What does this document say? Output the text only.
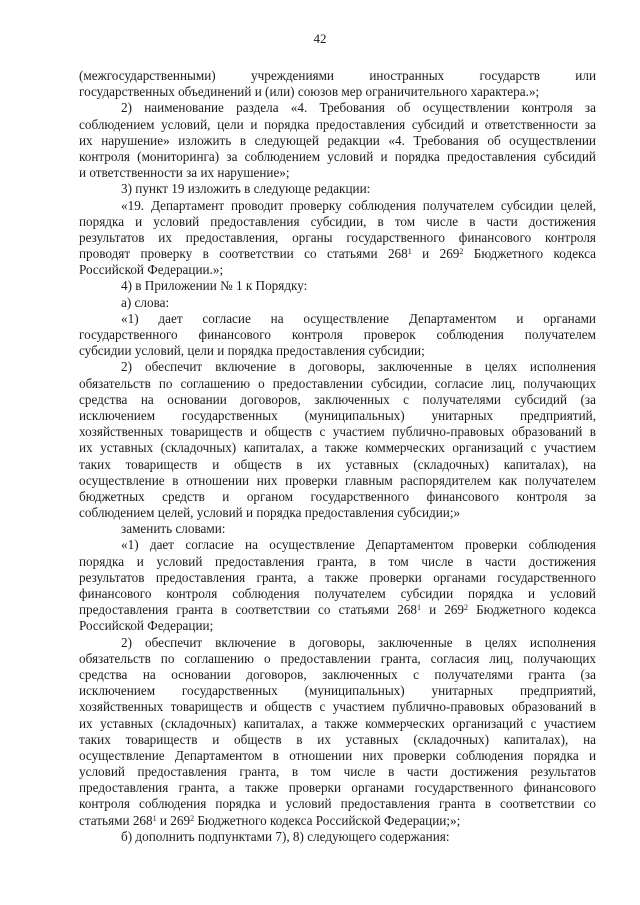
42
(межгосударственными) учреждениями иностранных государств или
государственных объединений и (или) союзов мер ограничительного характера.»;
2) наименование раздела «4. Требования об осуществлении контроля за
соблюдением условий, цели и порядка предоставления субсидий и ответственности за
их нарушение» изложить в следующей редакции «4. Требования об осуществлении
контроля (мониторинга) за соблюдением условий и порядка предоставления субсидий
и ответственности за их нарушение»;
3) пункт 19 изложить в следующе редакции:
«19. Департамент проводит проверку соблюдения получателем субсидии целей,
порядка и условий предоставления субсидии, в том числе в части достижения
результатов их предоставления, органы государственного финансового контроля
проводят проверку в соответствии со статьями $268^1$ и $269^2$ Бюджетного кодекса
Российской Федерации.»;
4) в Приложении № 1 к Порядку:
а) слова:
«1) дает согласие на осуществление Департаментом и органами
государственного финансового контроля проверок соблюдения получателем
субсидии условий, цели и порядка предоставления субсидии;
2) обеспечит включение в договоры, заключенные в целях исполнения
обязательств по соглашению о предоставлении субсидии, согласие лиц, получающих
средства на основании договоров, заключенных с получателями субсидий (за
исключением государственных (муниципальных) унитарных предприятий,
хозяйственных товариществ и обществ с участием публично-правовых образований в
их уставных (складочных) капиталах, а также коммерческих организаций с участием
таких товариществ и обществ в их уставных (складочных) капиталах), на
осуществление в отношении них проверки главным распорядителем как получателем
бюджетных средств и органом государственного финансового контроля за
соблюдением целей, условий и порядка предоставления субсидии;»
заменить словами:
«1) дает согласие на осуществление Департаментом проверки соблюдения
порядка и условий предоставления гранта, в том числе в части достижения
результатов предоставления гранта, а также проверки органами государственного
финансового контроля соблюдения получателем субсидии порядка и условий
предоставления гранта в соответствии со статьями $268^1$ и $269^2$ Бюджетного кодекса
Российской Федерации;
2) обеспечит включение в договоры, заключенные в целях исполнения
обязательств по соглашению о предоставлении гранта, согласия лиц, получающих
средства на основании договоров, заключенных с получателями гранта (за
исключением государственных (муниципальных) унитарных предприятий,
хозяйственных товариществ и обществ с участием публично-правовых образований в
их уставных (складочных) капиталах, а также коммерческих организаций с участием
таких товариществ и обществ в их уставных (складочных) капиталах), на
осуществление Департаментом в отношении них проверки соблюдения порядка и
условий предоставления гранта, в том числе в части достижения результатов
предоставления гранта, а также проверки органами государственного финансового
контроля соблюдения порядка и условий предоставления гранта в соответствии со
статьями $268^1$ и $269^2$ Бюджетного кодекса Российской Федерации;»;
б) дополнить подпунктами 7), 8) следующего содержания:
